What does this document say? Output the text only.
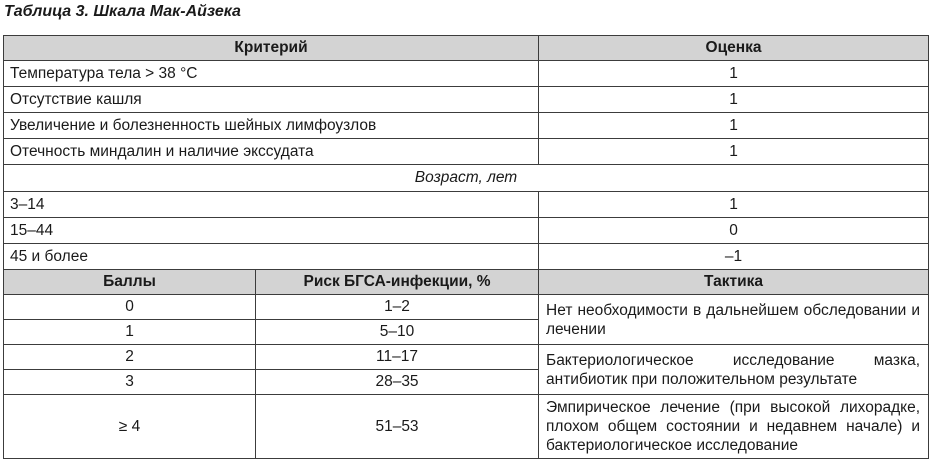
Таблица 3. Шкала Мак-Айзека
Критерий		Оценка
Температура тела > 38 °С		1
Отсутствие кашля		1
Увеличение и болезненность шейных лимфоузлов		1
Отечность миндалин и наличие экссудата		1
Возраст, лет		
3–14		1
15–44		0
45 и более		–1
Баллы	Риск БГСА-инфекции, %	Тактика
0	1–2	Нет необходимости в дальнейшем обследовании и лечении
1	5–10	
2	11–17	Бактериологическое исследование мазка, антибиотик при положительном результате
3	28–35	
≥ 4	51–53	Эмпирическое лечение (при высокой лихорадке, плохом общем состоянии и недавнем начале) и бактериологическое исследование
